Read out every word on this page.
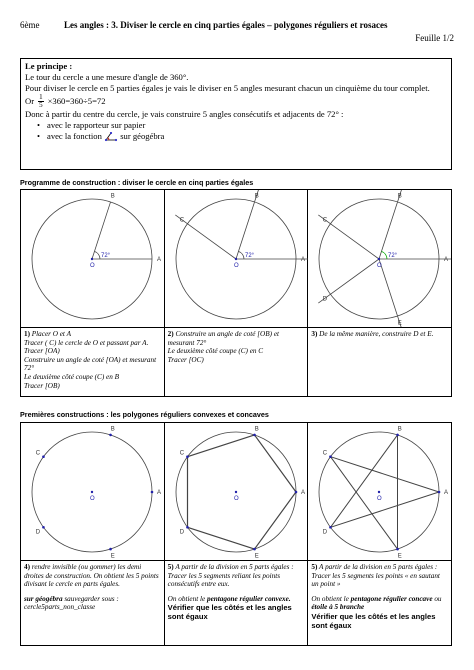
6ème	Les angles : 3. Diviser le cercle en cinq parties égales – polygones réguliers et rosaces
Feuille 1/2
Le principe :
Le tour du cercle a une mesure d'angle de 360°.
Pour diviser le cercle en 5 parties égales je vais le diviser en 5 angles mesurant chacun un cinquième du tour complet.
Or $\frac{1}{5} \times 360=360\div 5=72$
Donc à partir du centre du cercle, je vais construire 5 angles consécutifs et adjacents de 72° :
• avec le rapporteur sur papier
• avec la fonction sur géogébra
Programme de construction : diviser le cercle en cinq parties égales
72°
A
B
O
1) Placer O et A
Tracer ( C) le cercle de O et passant par A.
Tracer [OA)
Construire un angle de coté [OA) et mesurant 72°
Le deuxième côté coupe (C) en B
Tracer [OB)
72°
A
B
C
O
2) Construire un angle de coté [OB) et mesurant 72°
Le deuxième côté coupe (C) en C
Tracer [OC)
72°
A
B
C
D
E
O
3) De la même manière, construire D et E.
Premières constructions : les polygones réguliers convexes et concaves
A
B
C
D
E
O
4) rendre invisible (ou gommer) les demi droites de construction. On obtient les 5 points divisant le cercle en parts égales.
sur géogébra sauvegarder sous :
cercle5parts_non_classe
A
B
C
D
E
O
5) A partir de la division en 5 parts égales : Tracer les 5 segments reliant les points consécutifs entre eux.
On obtient le pentagone régulier convexe.
Vérifier que les côtés et les angles sont égaux
A
B
C
D
E
O
5) A partir de la division en 5 parts égales : Tracer les 5 segments les points « en sautant un point »
On obtient le pentagone régulier concave ou étoile à 5 branche
Vérifier que les côtés et les angles sont égaux
